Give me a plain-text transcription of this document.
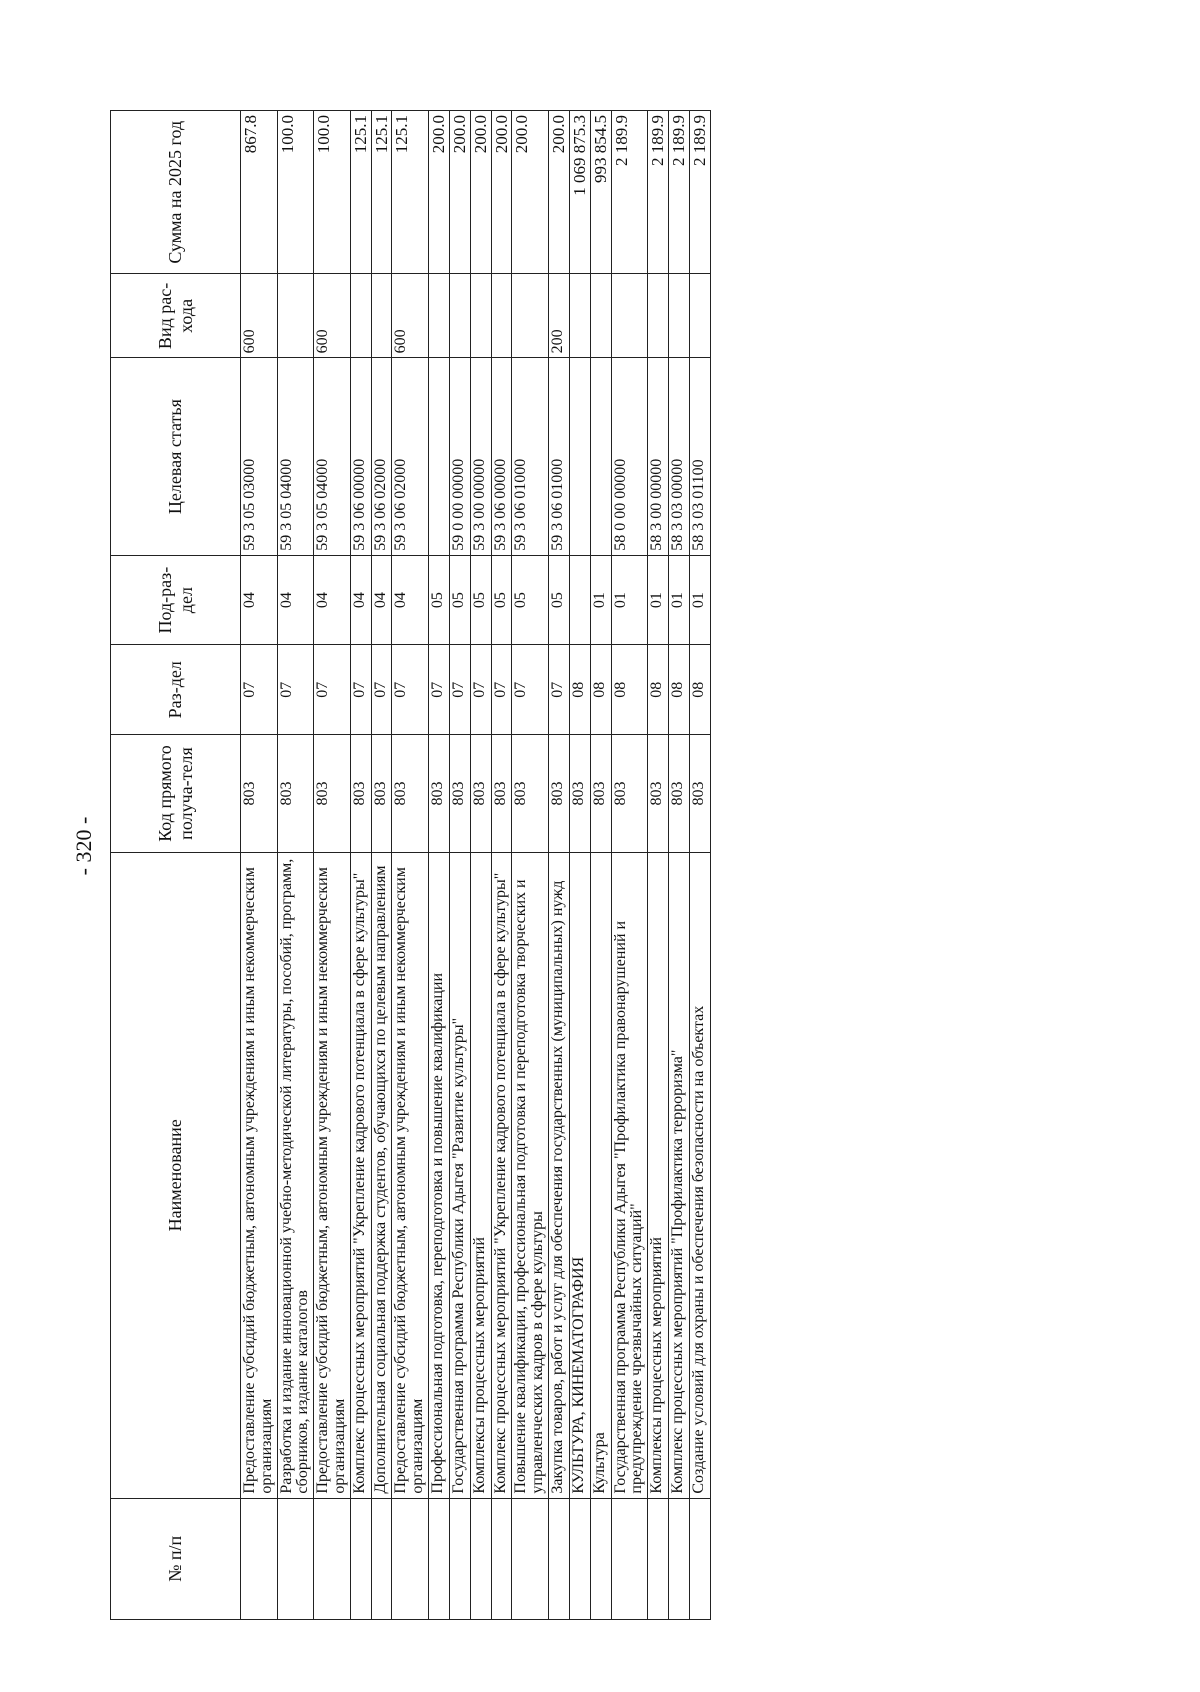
- 320 -
№ п/п	Наименование	Код прямого получа-теля	Раз-дел	Под-раз-дел	Целевая статья	Вид рас-хода	Сумма на 2025 год
	Предоставление субсидий бюджетным, автономным учреждениям и иным некоммерческим организациям	803	07	04	59 3 05 03000	600	867.8
	Разработка и издание инновационной учебно-методической литературы, пособий, программ, сборников, издание каталогов	803	07	04	59 3 05 04000		100.0
	Предоставление субсидий бюджетным, автономным учреждениям и иным некоммерческим организациям	803	07	04	59 3 05 04000	600	100.0
	Комплекс процессных мероприятий "Укрепление кадрового потенциала в сфере культуры"	803	07	04	59 3 06 00000		125.1
	Дополнительная социальная поддержка студентов, обучающихся по целевым направлениям	803	07	04	59 3 06 02000		125.1
	Предоставление субсидий бюджетным, автономным учреждениям и иным некоммерческим организациям	803	07	04	59 3 06 02000	600	125.1
	Профессиональная подготовка, переподготовка и повышение квалификации	803	07	05			200.0
	Государственная программа Республики Адыгея "Развитие культуры"	803	07	05	59 0 00 00000		200.0
	Комплексы процессных мероприятий	803	07	05	59 3 00 00000		200.0
	Комплекс процессных мероприятий "Укрепление кадрового потенциала в сфере культуры"	803	07	05	59 3 06 00000		200.0
	Повышение квалификации, профессиональная подготовка и переподготовка творческих и управленческих кадров в сфере культуры	803	07	05	59 3 06 01000		200.0
	Закупка товаров, работ и услуг для обеспечения государственных (муниципальных) нужд	803	07	05	59 3 06 01000	200	200.0
	КУЛЬТУРА, КИНЕМАТОГРАФИЯ	803	08				1 069 875.3
	Культура	803	08	01			993 854.5
	Государственная программа Республики Адыгея "Профилактика правонарушений и предупреждение чрезвычайных ситуаций"	803	08	01	58 0 00 00000		2 189.9
	Комплексы процессных мероприятий	803	08	01	58 3 00 00000		2 189.9
	Комплекс процессных мероприятий "Профилактика терроризма"	803	08	01	58 3 03 00000		2 189.9
	Создание условий для охраны и обеспечения безопасности на объектах	803	08	01	58 3 03 01100		2 189.9
